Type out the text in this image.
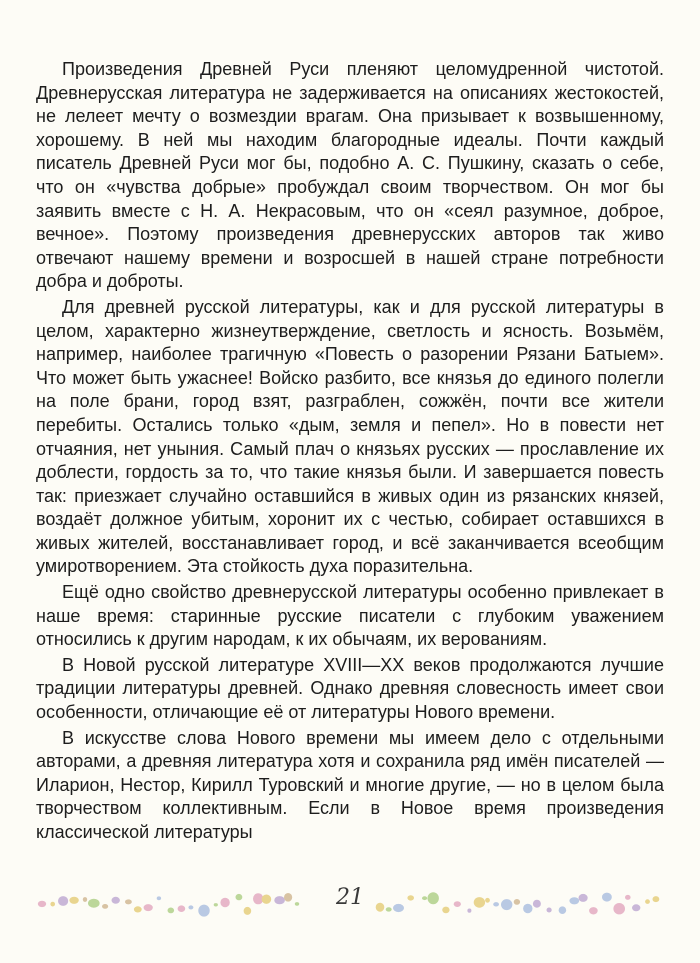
Произведения Древней Руси пленяют целомудренной чистотой. Древнерусская литература не задерживается на описаниях жестокостей, не лелеет мечту о возмездии врагам. Она призывает к возвышенному, хорошему. В ней мы находим благородные идеалы. Почти каждый писатель Древней Руси мог бы, подобно А. С. Пушкину, сказать о себе, что он «чувства добрые» пробуждал своим творчеством. Он мог бы заявить вместе с Н. А. Некрасовым, что он «сеял разумное, доброе, вечное». Поэтому произведения древнерусских авторов так живо отвечают нашему времени и возросшей в нашей стране потребности добра и доброты.

Для древней русской литературы, как и для русской литературы в целом, характерно жизнеутверждение, светлость и ясность. Возьмём, например, наиболее трагичную «Повесть о разорении Рязани Батыем». Что может быть ужаснее! Войско разбито, все князья до единого полегли на поле брани, город взят, разграблен, сожжён, почти все жители перебиты. Остались только «дым, земля и пепел». Но в повести нет отчаяния, нет уныния. Самый плач о князьях русских — прославление их доблести, гордость за то, что такие князья были. И завершается повесть так: приезжает случайно оставшийся в живых один из рязанских князей, воздаёт должное убитым, хоронит их с честью, собирает оставшихся в живых жителей, восстанавливает город, и всё заканчивается всеобщим умиротворением. Эта стойкость духа поразительна.

Ещё одно свойство древнерусской литературы особенно привлекает в наше время: старинные русские писатели с глубоким уважением относились к другим народам, к их обычаям, их верованиям.

В Новой русской литературе XVIII—XX веков продолжаются лучшие традиции литературы древней. Однако древняя словесность имеет свои особенности, отличающие её от литературы Нового времени.

В искусстве слова Нового времени мы имеем дело с отдельными авторами, а древняя литература хотя и сохранила ряд имён писателей — Иларион, Нестор, Кирилл Туровский и многие другие, — но в целом была творчеством коллективным. Если в Новое время произведения классической литературы

21
